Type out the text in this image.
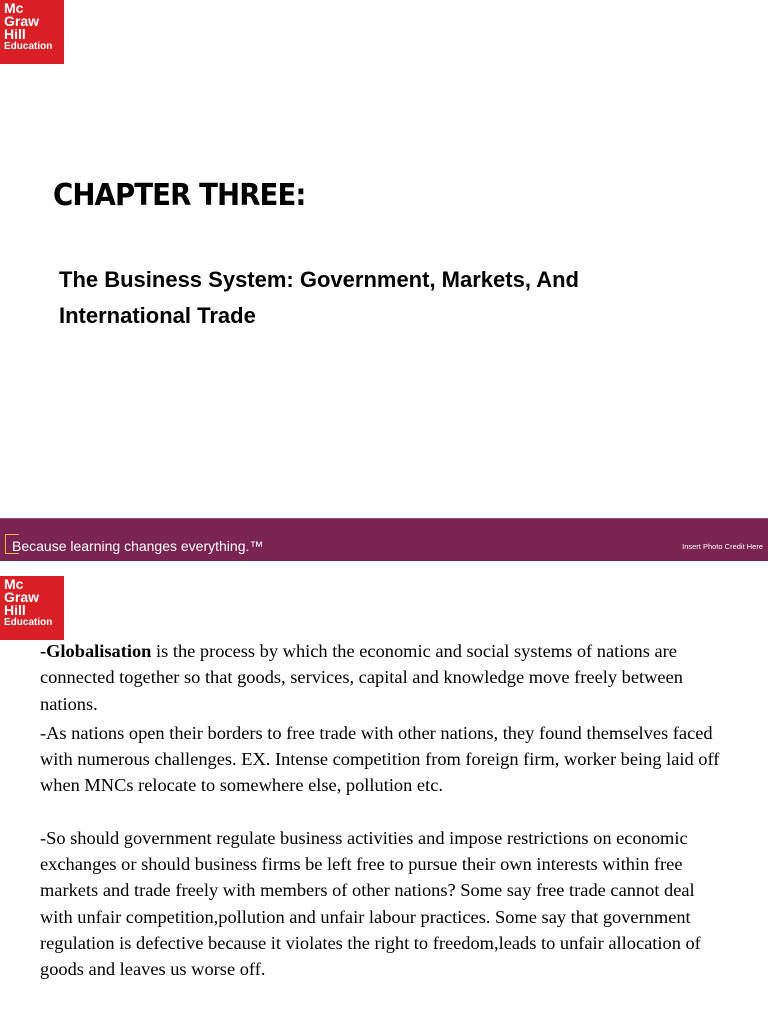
Mc
Graw
Hill
Education
CHAPTER THREE:
The Business System: Government, Markets, And
International Trade
Because learning changes everything.™	Insert Photo Credit Here
Mc
Graw
Hill
Education

-Globalisation is the process by which the economic and social systems of nations are connected together so that goods, services, capital and knowledge move freely between nations.

-As nations open their borders to free trade with other nations, they found themselves faced with numerous challenges. EX. Intense competition from foreign firm, worker being laid off when MNCs relocate to somewhere else, pollution etc.

-So should government regulate business activities and impose restrictions on economic exchanges or should business firms be left free to pursue their own interests within free markets and trade freely with members of other nations? Some say free trade cannot deal with unfair competition,pollution and unfair labour practices. Some say that government regulation is defective because it violates the right to freedom,leads to unfair allocation of goods and leaves us worse off.
